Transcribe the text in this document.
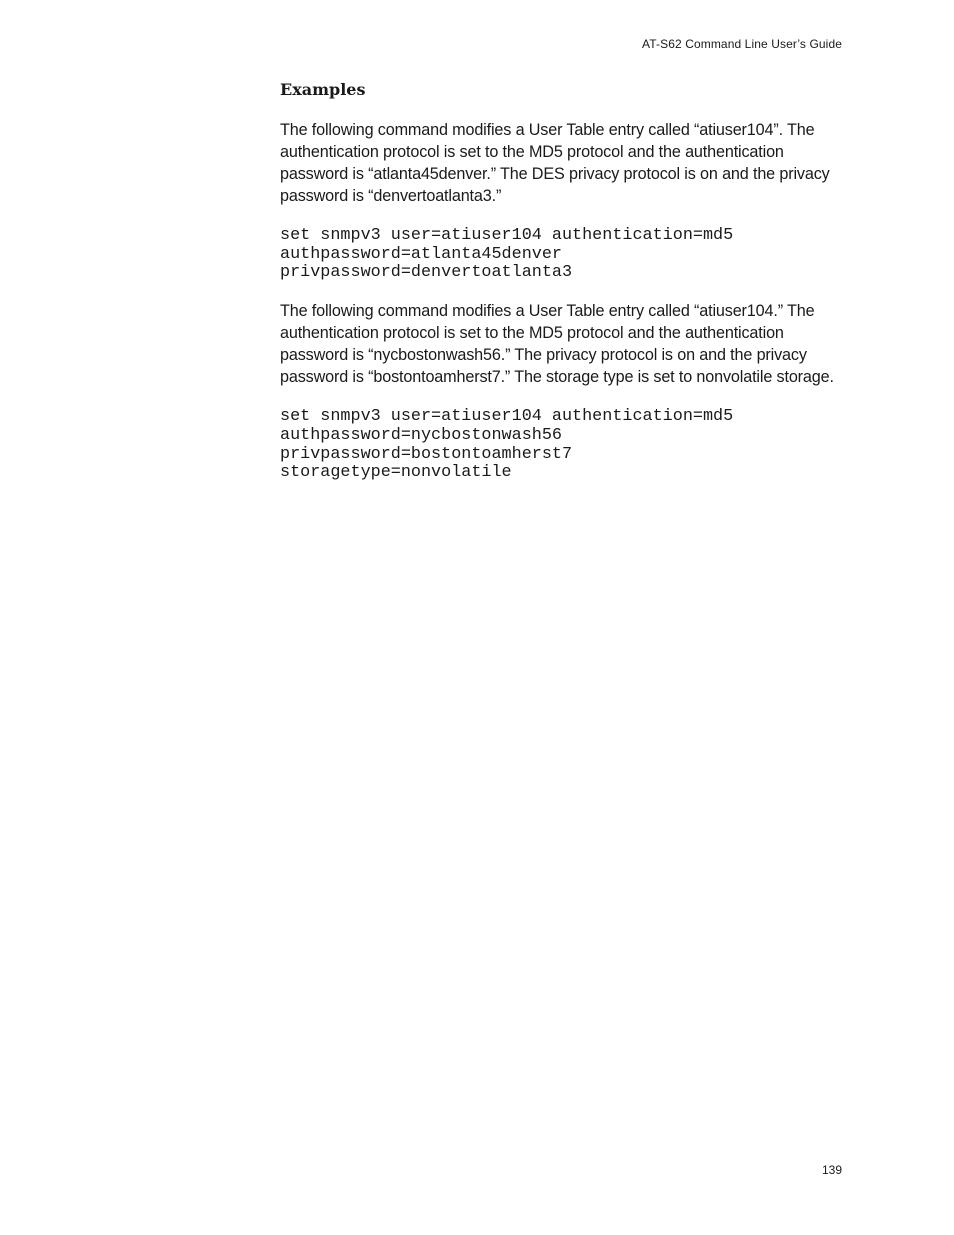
AT-S62 Command Line User’s Guide
Examples

The following command modifies a User Table entry called “atiuser104”. The authentication protocol is set to the MD5 protocol and the authentication password is “atlanta45denver.” The DES privacy protocol is on and the privacy password is “denvertoatlanta3.”

set snmpv3 user=atiuser104 authentication=md5
authpassword=atlanta45denver
privpassword=denvertoatlanta3

The following command modifies a User Table entry called “atiuser104.” The authentication protocol is set to the MD5 protocol and the authentication password is “nycbostonwash56.” The privacy protocol is on and the privacy password is “bostontoamherst7.” The storage type is set to nonvolatile storage.

set snmpv3 user=atiuser104 authentication=md5
authpassword=nycbostonwash56
privpassword=bostontoamherst7
storagetype=nonvolatile
139
